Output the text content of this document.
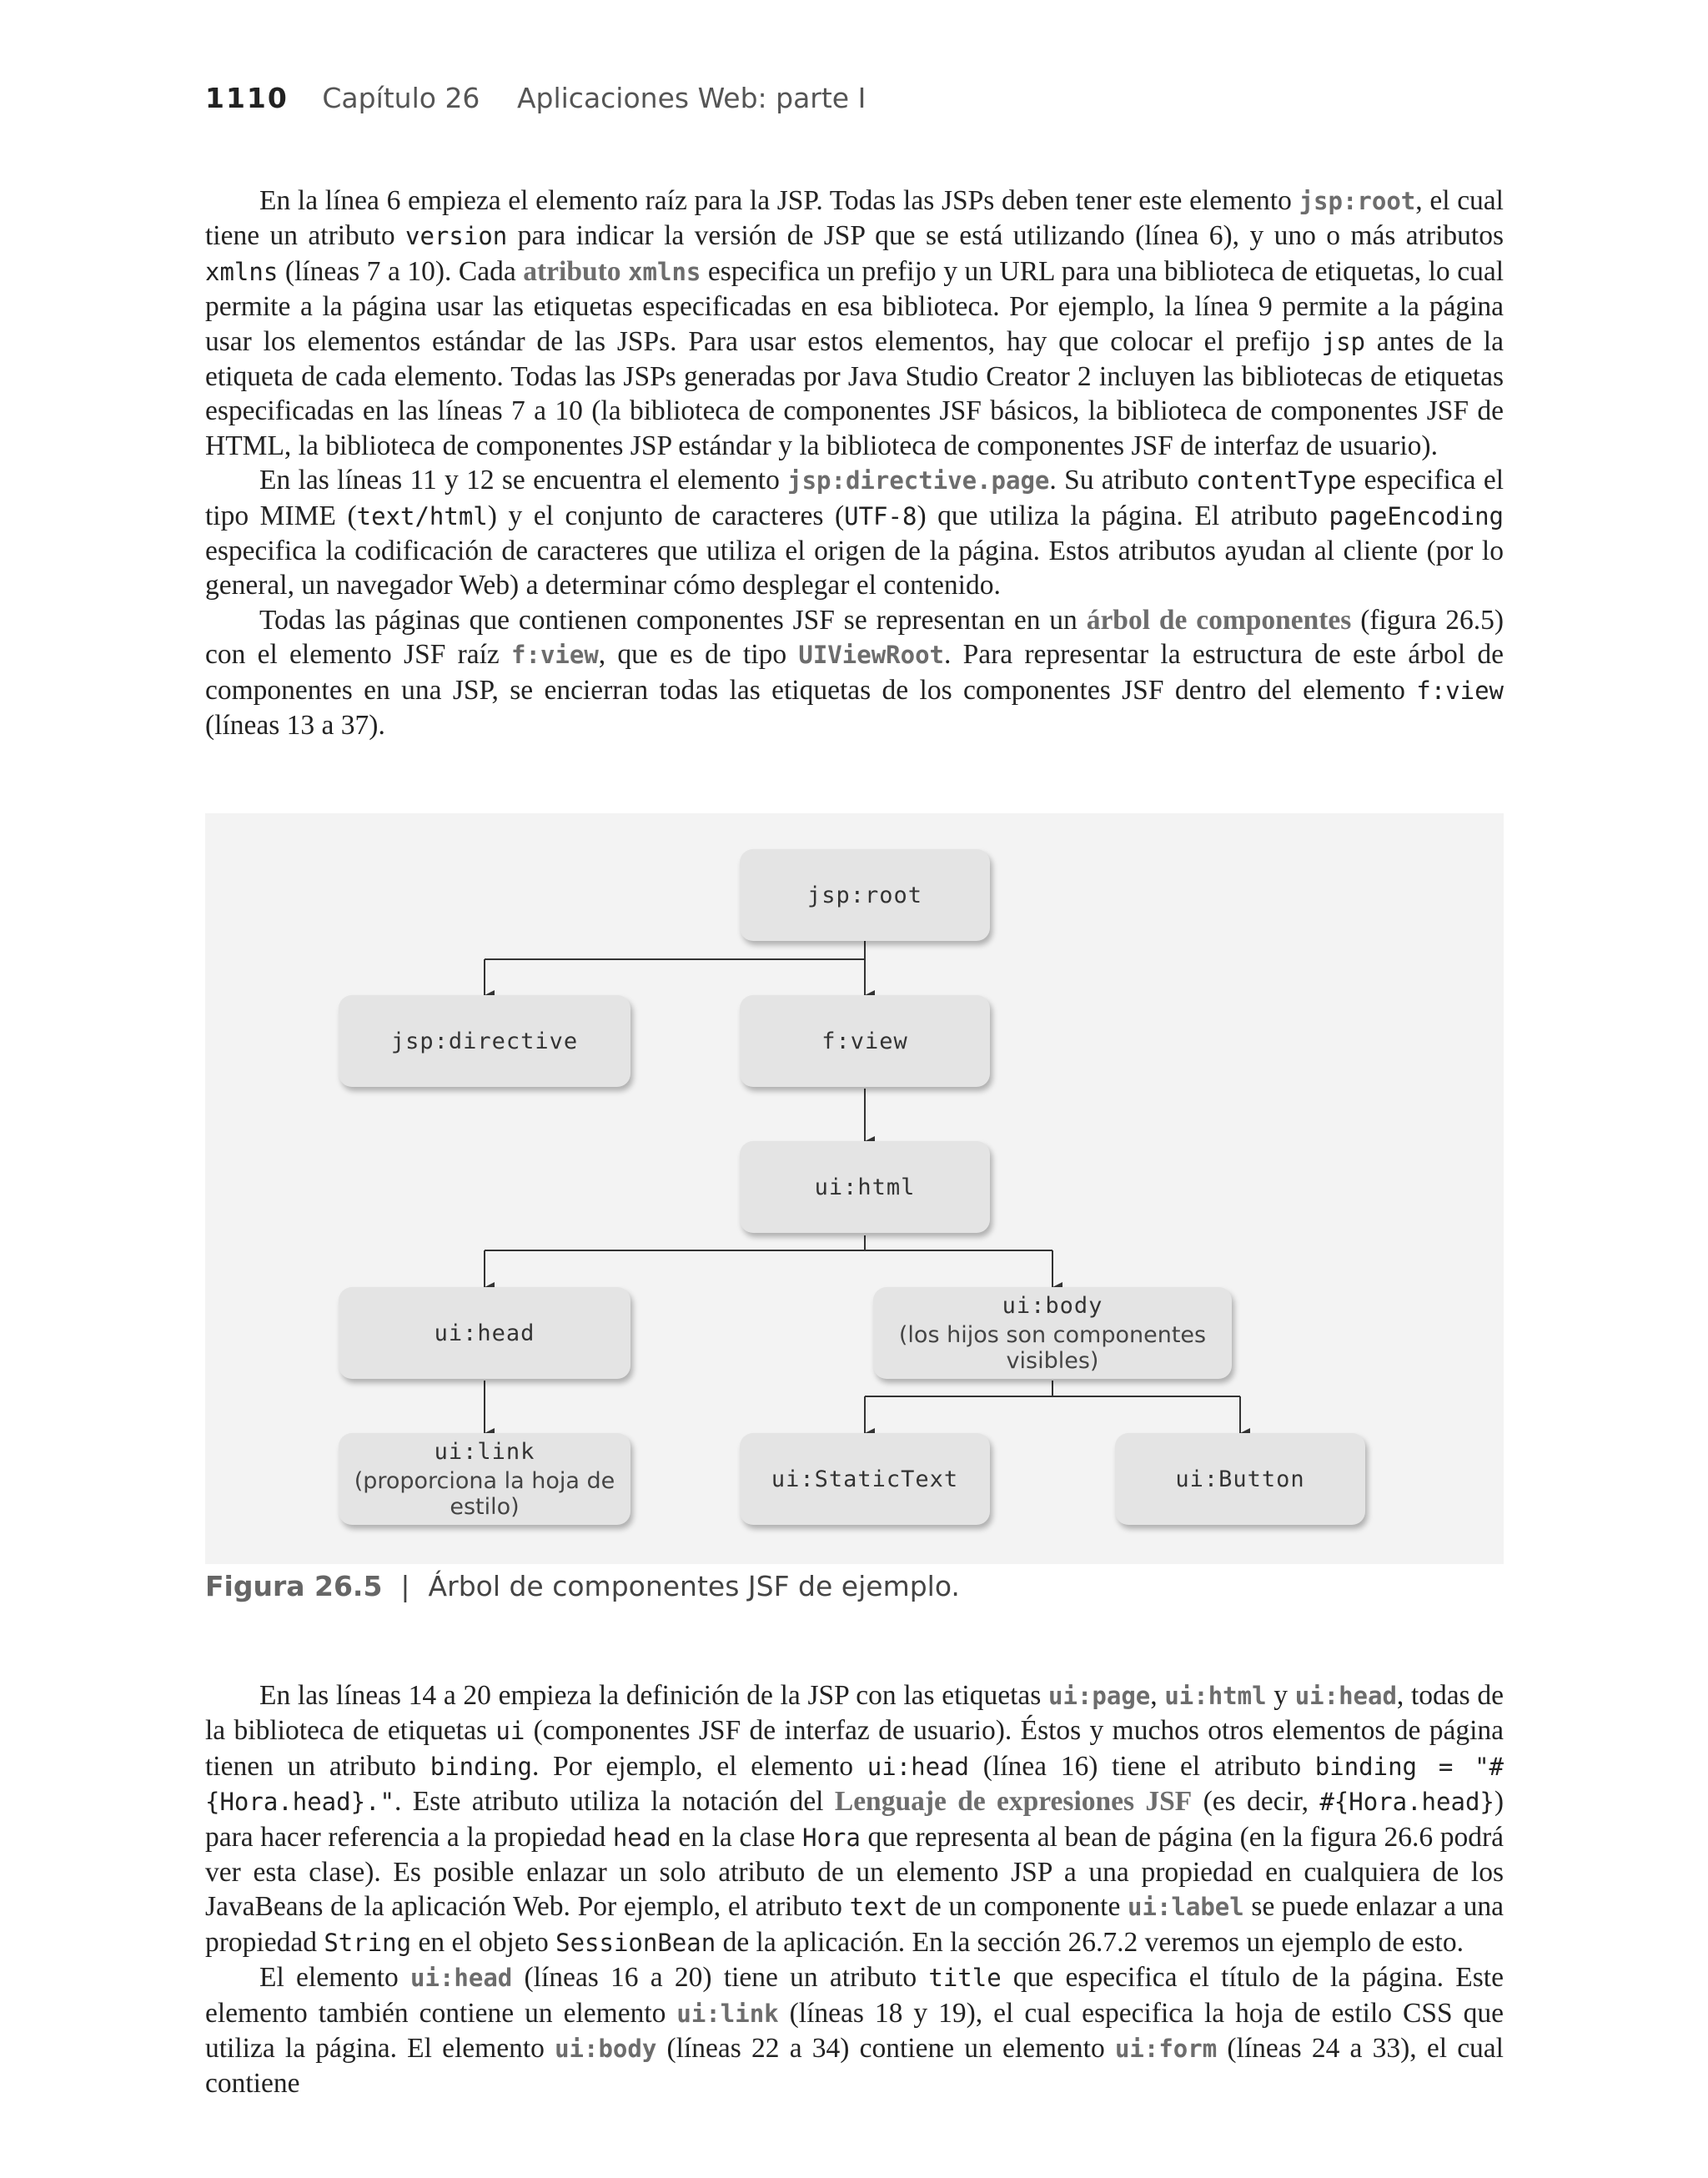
1110 Capítulo 26 Aplicaciones Web: parte I

En la línea 6 empieza el elemento raíz para la JSP. Todas las JSPs deben tener este elemento jsp:root, el cual tiene un atributo version para indicar la versión de JSP que se está utilizando (línea 6), y uno o más atributos xmlns (líneas 7 a 10). Cada atributo xmlns especifica un prefijo y un URL para una biblioteca de etiquetas, lo cual permite a la página usar las etiquetas especificadas en esa biblioteca. Por ejemplo, la línea 9 permite a la página usar los elementos estándar de las JSPs. Para usar estos elementos, hay que colocar el prefijo jsp antes de la etiqueta de cada elemento. Todas las JSPs generadas por Java Studio Creator 2 incluyen las bibliotecas de etiquetas especificadas en las líneas 7 a 10 (la biblioteca de componentes JSF básicos, la biblioteca de componentes JSF de HTML, la biblioteca de componentes JSP estándar y la biblioteca de componentes JSF de interfaz de usuario).

En las líneas 11 y 12 se encuentra el elemento jsp:directive.page. Su atributo contentType especifica el tipo MIME (text/html) y el conjunto de caracteres (UTF-8) que utiliza la página. El atributo pageEncoding especifica la codificación de caracteres que utiliza el origen de la página. Estos atributos ayudan al cliente (por lo general, un navegador Web) a determinar cómo desplegar el contenido.

Todas las páginas que contienen componentes JSF se representan en un árbol de componentes (figura 26.5) con el elemento JSF raíz f:view, que es de tipo UIViewRoot. Para representar la estructura de este árbol de componentes en una JSP, se encierran todas las etiquetas de los componentes JSF dentro del elemento f:view (líneas 13 a 37).

jsp:root
jsp:directive	f:view
ui:html
ui:head
ui:body
(los hijos son componentes visibles)
ui:link
(proporciona la hoja de estilo)
ui:StaticText	ui:Button
Figura 26.5 | Árbol de componentes JSF de ejemplo.

En las líneas 14 a 20 empieza la definición de la JSP con las etiquetas ui:page, ui:html y ui:head, todas de la biblioteca de etiquetas ui (componentes JSF de interfaz de usuario). Éstos y muchos otros elementos de página tienen un atributo binding. Por ejemplo, el elemento ui:head (línea 16) tiene el atributo binding = "#{Hora.head}.". Este atributo utiliza la notación del Lenguaje de expresiones JSF (es decir, #{Hora.head}) para hacer referencia a la propiedad head en la clase Hora que representa al bean de página (en la figura 26.6 podrá ver esta clase). Es posible enlazar un solo atributo de un elemento JSP a una propiedad en cualquiera de los JavaBeans de la aplicación Web. Por ejemplo, el atributo text de un componente ui:label se puede enlazar a una propiedad String en el objeto SessionBean de la aplicación. En la sección 26.7.2 veremos un ejemplo de esto.

El elemento ui:head (líneas 16 a 20) tiene un atributo title que especifica el título de la página. Este elemento también contiene un elemento ui:link (líneas 18 y 19), el cual especifica la hoja de estilo CSS que utiliza la página. El elemento ui:body (líneas 22 a 34) contiene un elemento ui:form (líneas 24 a 33), el cual contiene
